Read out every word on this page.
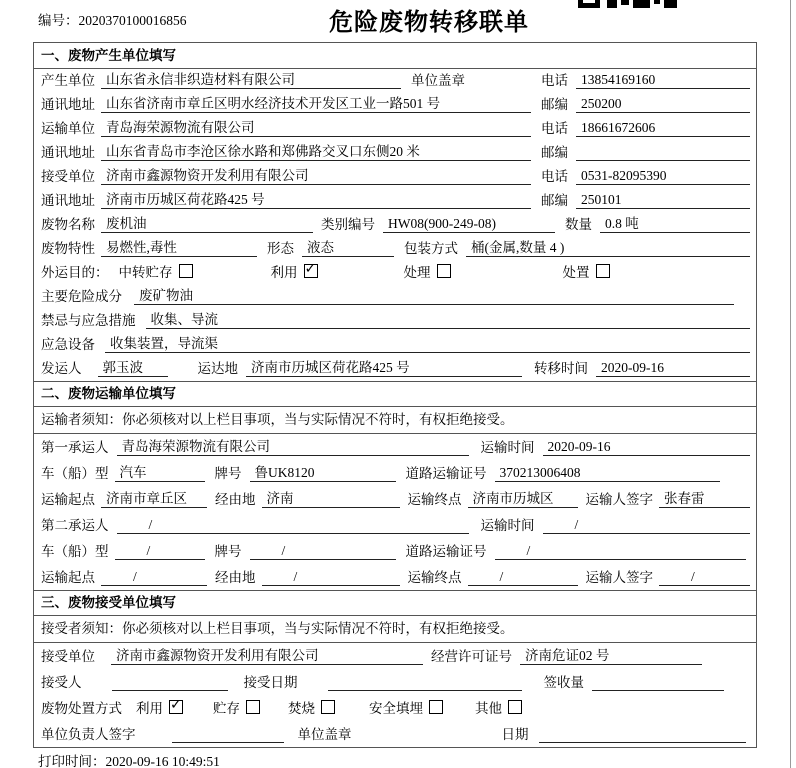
编号：2020370100016856	危险废物转移联单
一、废物产生单位填写
产生单位 山东省永信非织造材料有限公司	单位盖章	电话 13854169160
通讯地址 山东省济南市章丘区明水经济技术开发区工业一路501 号	邮编 250200
运输单位 青岛海荣源物流有限公司	电话 18661672606
通讯地址 山东省青岛市李沧区徐水路和郑佛路交叉口东侧20 米	邮编
接受单位 济南市鑫源物资开发利用有限公司	电话 0531-82095390
通讯地址 济南市历城区荷花路425 号	邮编 250101
废物名称 废机油	类别编号 HW08(900-249-08)	数量 0.8 吨
废物特性 易燃性,毒性	形态 液态	包装方式 桶(金属,数量 4 )
外运目的： 中转贮存	利用 ✓	处理	处置
主要危险成分	废矿物油
禁忌与应急措施	收集、导流
应急设备	收集装置，导流渠
发运人	郭玉波	运达地 济南市历城区荷花路425 号	转移时间 2020-09-16
二、废物运输单位填写
运输者须知：你必须核对以上栏目事项，当与实际情况不符时，有权拒绝接受。
第一承运人 青岛海荣源物流有限公司	运输时间 2020-09-16
车（船）型 汽车	牌号 鲁UK8120	道路运输证号 370213006408
运输起点 济南市章丘区	经由地 济南	运输终点 济南市历城区	运输人签字 张春雷
第二承运人	/	运输时间	/
车（船）型	/	牌号	/	道路运输证号	/
运输起点	/	经由地	/	运输终点	/	运输人签字	/
三、废物接受单位填写
接受者须知：你必须核对以上栏目事项，当与实际情况不符时，有权拒绝接受。
接受单位	济南市鑫源物资开发利用有限公司	经营许可证号 济南危证02 号
接受人	接受日期	签收量
废物处置方式 利用 ✓	贮存	焚烧	安全填埋	其他
单位负责人签字	单位盖章	日期
打印时间：2020-09-16 10:49:51
